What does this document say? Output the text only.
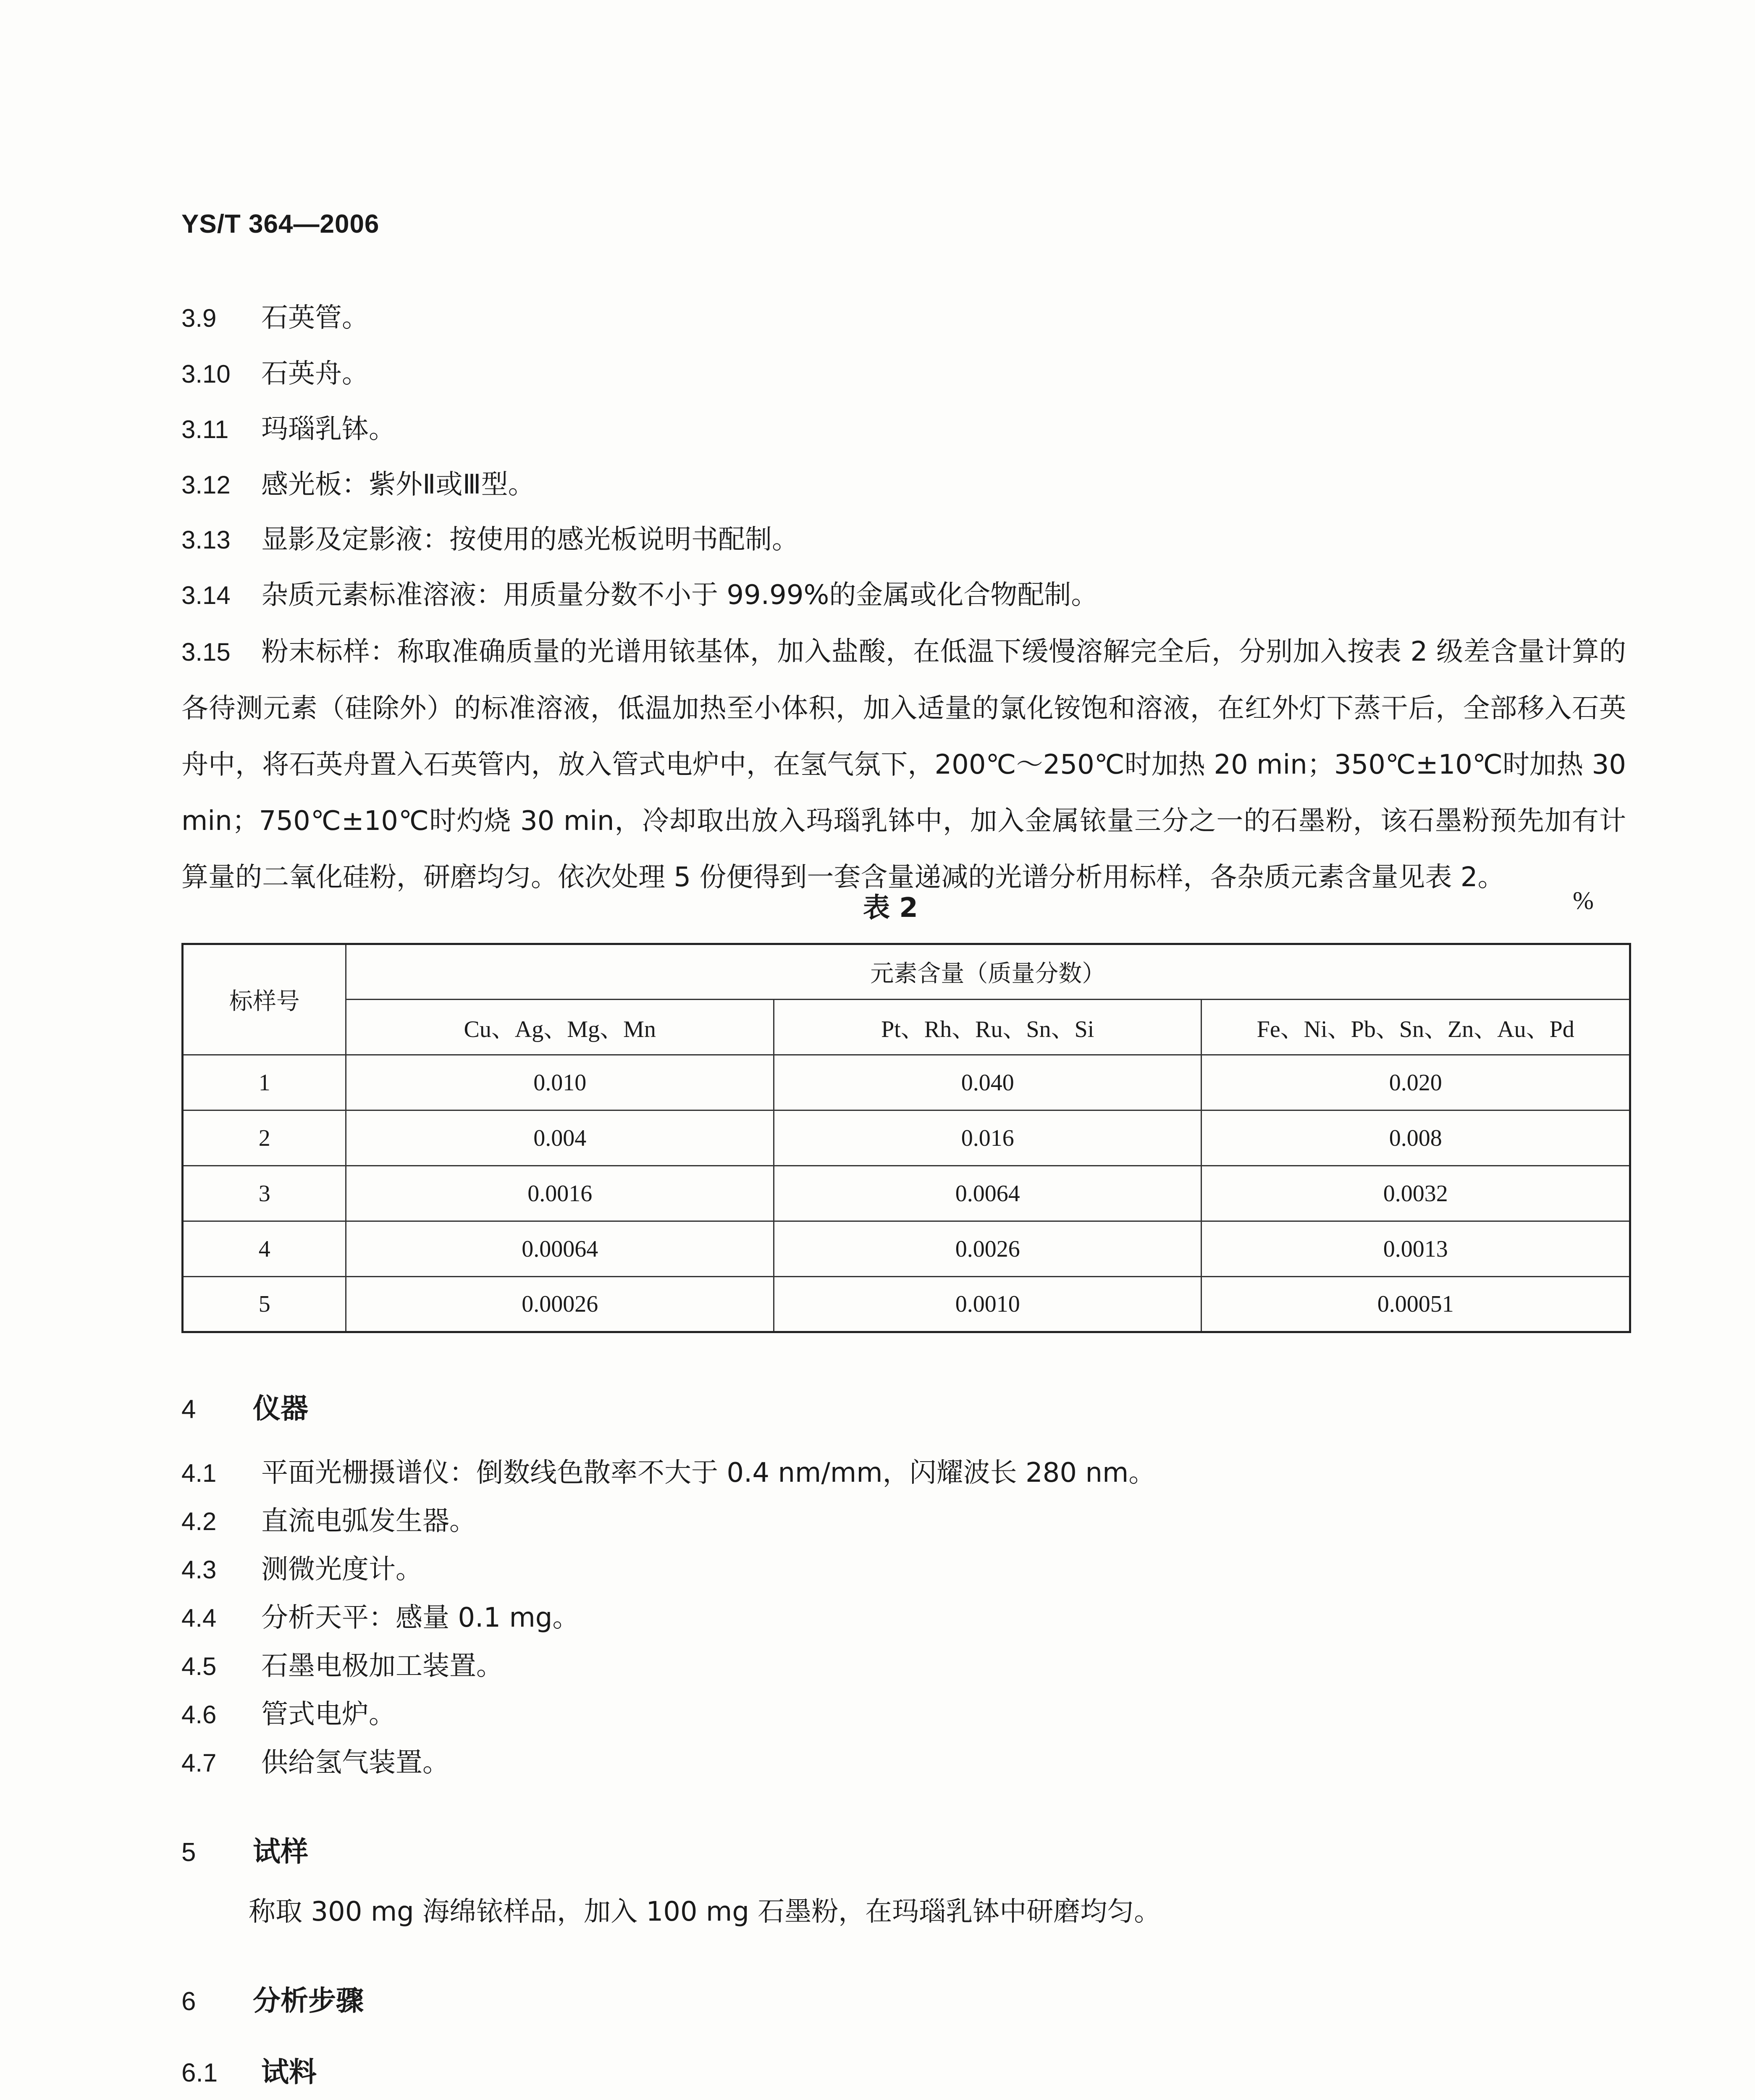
YS/T 364—2006
3.9 石英管。
3.10 石英舟。
3.11 玛瑙乳钵。
3.12 感光板：紫外Ⅱ或Ⅲ型。
3.13 显影及定影液：按使用的感光板说明书配制。
3.14 杂质元素标准溶液：用质量分数不小于 99.99%的金属或化合物配制。
3.15 粉末标样：称取准确质量的光谱用铱基体，加入盐酸，在低温下缓慢溶解完全后，分别加入按表 2 级差含量计算的各待测元素（硅除外）的标准溶液，低温加热至小体积，加入适量的氯化铵饱和溶液，在红外灯下蒸干后，全部移入石英舟中，将石英舟置入石英管内，放入管式电炉中，在氢气氛下，200℃～250℃时加热 20 min；350℃±10℃时加热 30 min；750℃±10℃时灼烧 30 min，冷却取出放入玛瑙乳钵中，加入金属铱量三分之一的石墨粉，该石墨粉预先加有计算量的二氧化硅粉，研磨均匀。依次处理 5 份便得到一套含量递减的光谱分析用标样，各杂质元素含量见表 2。
表 2	%
标样号	元素含量（质量分数）		
	Cu、Ag、Mg、Mn	Pt、Rh、Ru、Sn、Si	Fe、Ni、Pb、Sn、Zn、Au、Pd
1	0.010	0.040	0.020
2	0.004	0.016	0.008
3	0.0016	0.0064	0.0032
4	0.00064	0.0026	0.0013
5	0.00026	0.0010	0.00051
4 仪器
4.1 平面光栅摄谱仪：倒数线色散率不大于 0.4 nm/mm，闪耀波长 280 nm。
4.2 直流电弧发生器。
4.3 测微光度计。
4.4 分析天平：感量 0.1 mg。
4.5 石墨电极加工装置。
4.6 管式电炉。
4.7 供给氢气装置。
5 试样
称取 300 mg 海绵铱样品，加入 100 mg 石墨粉，在玛瑙乳钵中研磨均匀。
6 分析步骤
6.1 试料
